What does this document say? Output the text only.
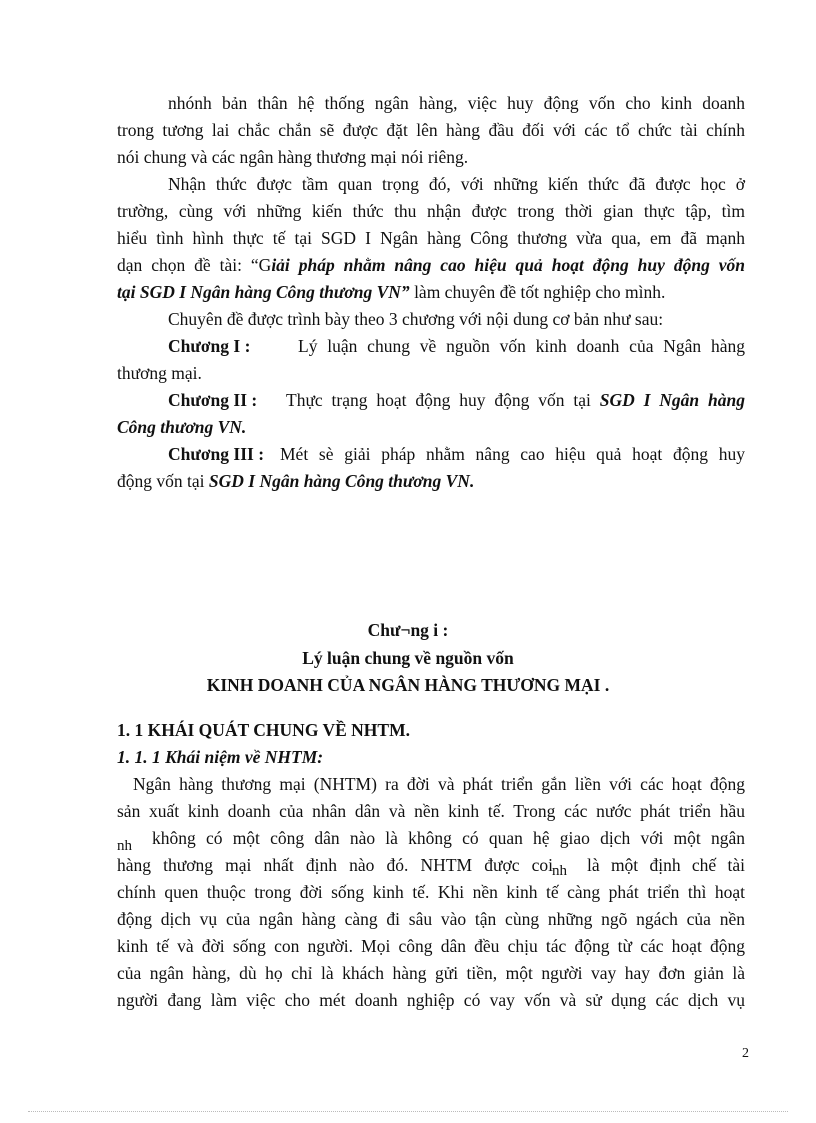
nhónh bản thân hệ thống ngân hàng, việc huy động vốn cho kinh doanh
trong tương lai chắc chắn sẽ được đặt lên hàng đầu đối với các tổ chức tài chính
nói chung và các ngân hàng thương mại nói riêng.
Nhận thức được tầm quan trọng đó, với những kiến thức đã được học ở
trường, cùng với những kiến thức thu nhận được trong thời gian thực tập, tìm
hiểu tình hình thực tế tại SGD I Ngân hàng Công thương vừa qua, em đã mạnh
dạn chọn đề tài: “Giải pháp nhằm nâng cao hiệu quả hoạt động huy động vốn
tại SGD I Ngân hàng Công thương VN” làm chuyên đề tốt nghiệp cho mình.
Chuyên đề được trình bày theo 3 chương với nội dung cơ bản như sau:
Chương I :	Lý luận chung về nguồn vốn kinh doanh của Ngân hàng
thương mại.
Chương II : Thực trạng hoạt động huy động vốn tại SGD I Ngân hàng
Công thương VN.
Chương III : Mét sè giải pháp nhằm nâng cao hiệu quả hoạt động huy
động vốn tại SGD I Ngân hàng Công thương VN.
Chư¬ng i :
Lý luận chung về nguồn vốn
KINH DOANH CỦA NGÂN HÀNG THƯƠNG MẠI .
1. 1 KHÁI QUÁT CHUNG VỀ NHTM.
1. 1. 1 Khái niệm về NHTM:
Ngân hàng thương mại (NHTM) ra đời và phát triển gắn liền với các hoạt động
sản xuất kinh doanh của nhân dân và nền kinh tế. Trong các nước phát triển hầu
nh không có một công dân nào là không có quan hệ giao dịch với một ngân
hàng thương mại nhất định nào đó. NHTM được coi nh là một định chế tài
chính quen thuộc trong đời sống kinh tế. Khi nền kinh tế càng phát triển thì hoạt
động dịch vụ của ngân hàng càng đi sâu vào tận cùng những ngõ ngách của nền
kinh tế và đời sống con người. Mọi công dân đều chịu tác động từ các hoạt động
của ngân hàng, dù họ chỉ là khách hàng gửi tiền, một người vay hay đơn giản là
người đang làm việc cho mét doanh nghiệp có vay vốn và sử dụng các dịch vụ
2
